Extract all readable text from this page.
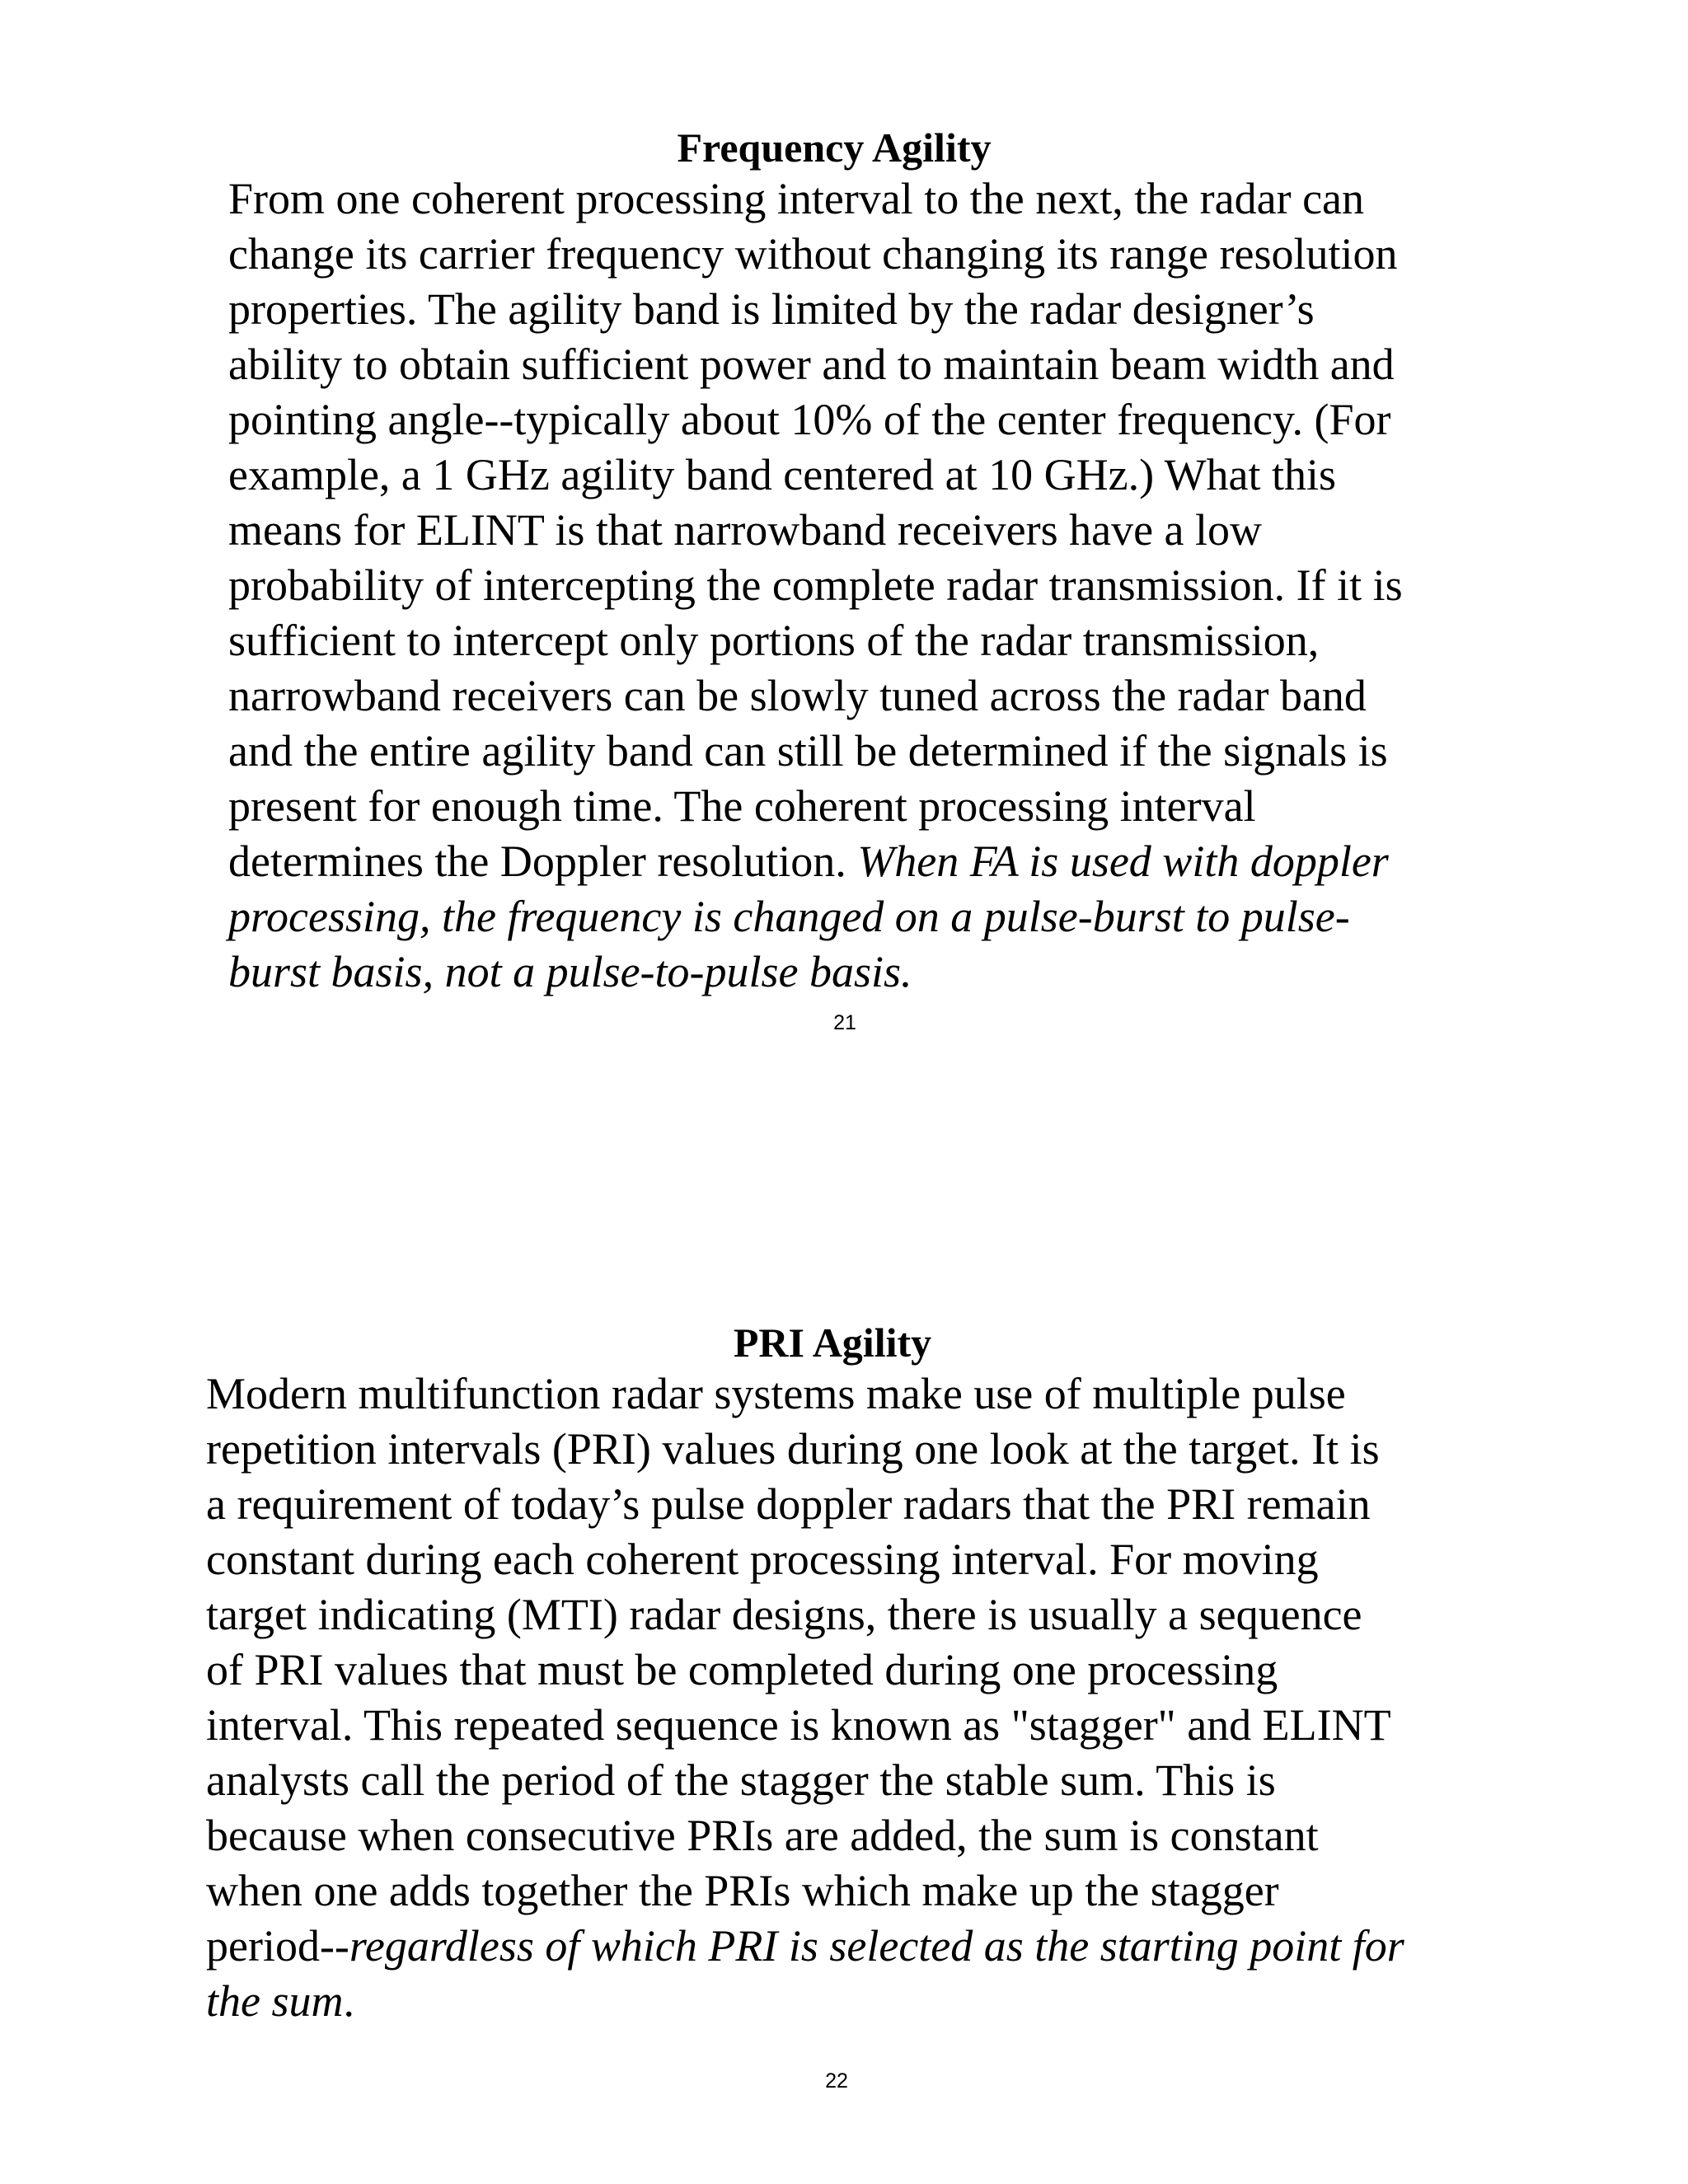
Frequency Agility

From one coherent processing interval to the next, the radar can
change its carrier frequency without changing its range resolution
properties. The agility band is limited by the radar designer’s
ability to obtain sufficient power and to maintain beam width and
pointing angle--typically about 10% of the center frequency. (For
example, a 1 GHz agility band centered at 10 GHz.) What this
means for ELINT is that narrowband receivers have a low
probability of intercepting the complete radar transmission. If it is
sufficient to intercept only portions of the radar transmission,
narrowband receivers can be slowly tuned across the radar band
and the entire agility band can still be determined if the signals is
present for enough time. The coherent processing interval
determines the Doppler resolution. When FA is used with doppler
processing, the frequency is changed on a pulse-burst to pulse-
burst basis, not a pulse-to-pulse basis.

21
PRI Agility

Modern multifunction radar systems make use of multiple pulse
repetition intervals (PRI) values during one look at the target. It is
a requirement of today’s pulse doppler radars that the PRI remain
constant during each coherent processing interval. For moving
target indicating (MTI) radar designs, there is usually a sequence
of PRI values that must be completed during one processing
interval. This repeated sequence is known as "stagger" and ELINT
analysts call the period of the stagger the stable sum. This is
because when consecutive PRIs are added, the sum is constant
when one adds together the PRIs which make up the stagger
period--regardless of which PRI is selected as the starting point for
the sum.

22
